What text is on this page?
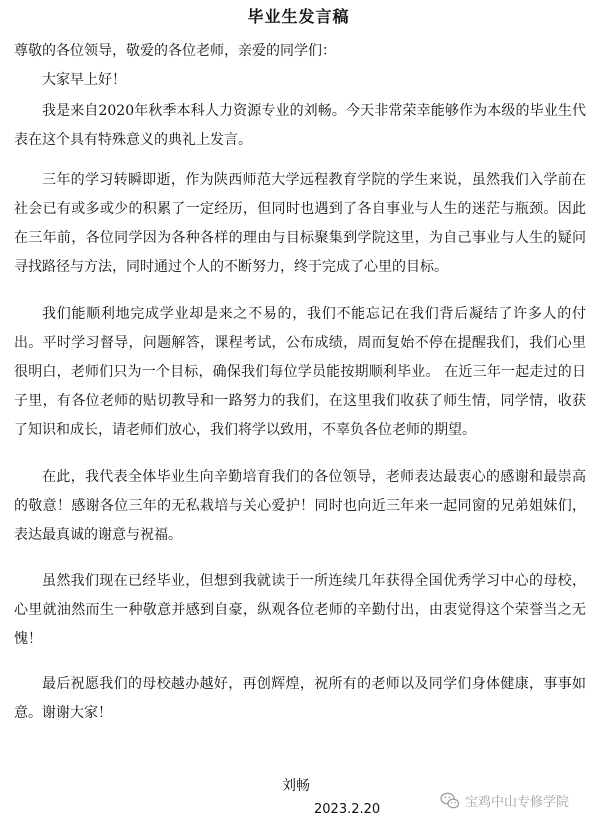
毕业生发言稿
尊敬的各位领导，敬爱的各位老师，亲爱的同学们：

大家早上好！

我是来自2020年秋季本科人力资源专业的刘畅。今天非常荣幸能够作为本级的毕业生代表在这个具有特殊意义的典礼上发言。

三年的学习转瞬即逝，作为陕西师范大学远程教育学院的学生来说，虽然我们入学前在社会已有或多或少的积累了一定经历，但同时也遇到了各自事业与人生的迷茫与瓶颈。因此在三年前，各位同学因为各种各样的理由与目标聚集到学院这里，为自己事业与人生的疑问寻找路径与方法，同时通过个人的不断努力，终于完成了心里的目标。

我们能顺利地完成学业却是来之不易的，我们不能忘记在我们背后凝结了许多人的付出。平时学习督导，问题解答，课程考试，公布成绩，周而复始不停在提醒我们，我们心里很明白，老师们只为一个目标，确保我们每位学员能按期顺利毕业。 在近三年一起走过的日子里，有各位老师的贴切教导和一路努力的我们，在这里我们收获了师生情，同学情，收获了知识和成长，请老师们放心，我们将学以致用，不辜负各位老师的期望。

在此，我代表全体毕业生向辛勤培育我们的各位领导，老师表达最衷心的感谢和最崇高的敬意！感谢各位三年的无私栽培与关心爱护！同时也向近三年来一起同窗的兄弟姐妹们，表达最真诚的谢意与祝福。

虽然我们现在已经毕业，但想到我就读于一所连续几年获得全国优秀学习中心的母校，心里就油然而生一种敬意并感到自豪，纵观各位老师的辛勤付出，由衷觉得这个荣誉当之无愧！

最后祝愿我们的母校越办越好，再创辉煌，祝所有的老师以及同学们身体健康，事事如意。谢谢大家！

刘畅
2023.2.20	宝鸡中山专修学院
